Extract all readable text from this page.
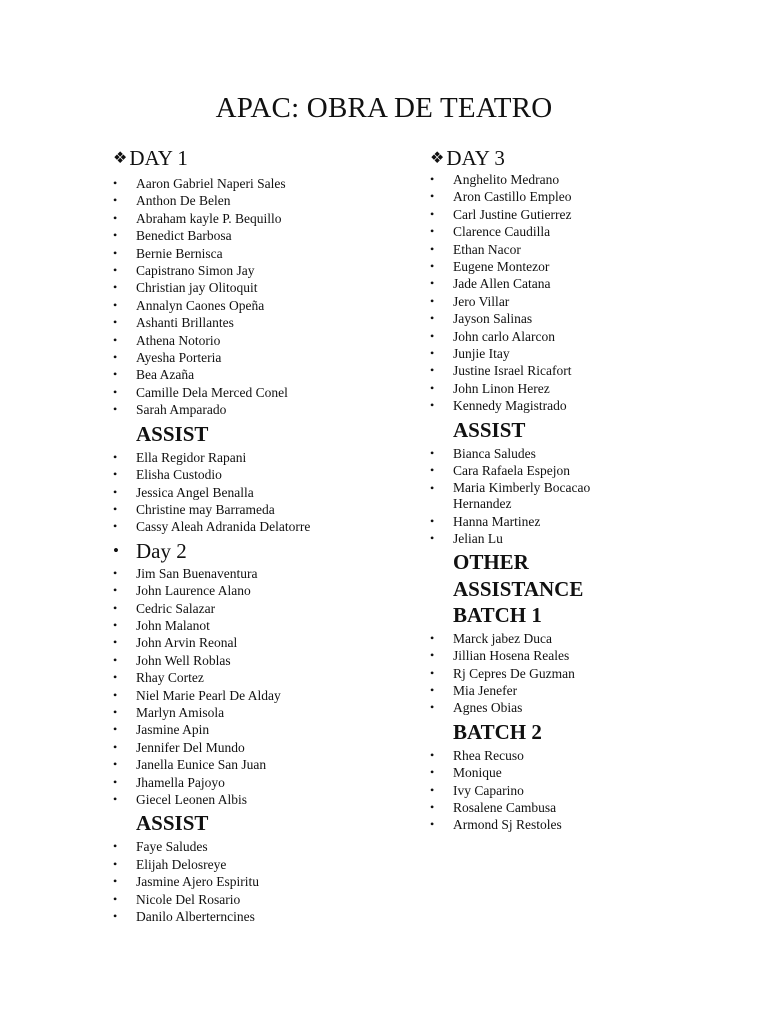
APAC: OBRA DE TEATRO
❖DAY 1
• Aaron Gabriel Naperi Sales
• Anthon De Belen
• Abraham kayle P. Bequillo
• Benedict Barbosa
• Bernie Bernisca
• Capistrano Simon Jay
• Christian jay Olitoquit
• Annalyn Caones Opeña
• Ashanti Brillantes
• Athena Notorio
• Ayesha Porteria
• Bea Azaña
• Camille Dela Merced Conel
• Sarah Amparado
ASSIST
• Ella Regidor Rapani
• Elisha Custodio
• Jessica Angel Benalla
• Christine may Barrameda
• Cassy Aleah Adranida Delatorre
• Day 2
• Jim San Buenaventura
• John Laurence Alano
• Cedric Salazar
• John Malanot
• John Arvin Reonal
• John Well Roblas
• Rhay Cortez
• Niel Marie Pearl De Alday
• Marlyn Amisola
• Jasmine Apin
• Jennifer Del Mundo
• Janella Eunice San Juan
• Jhamella Pajoyo
• Giecel Leonen Albis
ASSIST
• Faye Saludes
• Elijah Delosreye
• Jasmine Ajero Espiritu
• Nicole Del Rosario
• Danilo Alberterncines
❖DAY 3
• Anghelito Medrano
• Aron Castillo Empleo
• Carl Justine Gutierrez
• Clarence Caudilla
• Ethan Nacor
• Eugene Montezor
• Jade Allen Catana
• Jero Villar
• Jayson Salinas
• John carlo Alarcon
• Junjie Itay
• Justine Israel Ricafort
• John Linon Herez
• Kennedy Magistrado
ASSIST
• Bianca Saludes
• Cara Rafaela Espejon
• Maria Kimberly Bocacao Hernandez
• Hanna Martinez
• Jelian Lu
OTHER
ASSISTANCE
BATCH 1
• Marck jabez Duca
• Jillian Hosena Reales
• Rj Cepres De Guzman
• Mia Jenefer
• Agnes Obias
BATCH 2
• Rhea Recuso
• Monique
• Ivy Caparino
• Rosalene Cambusa
• Armond Sj Restoles
